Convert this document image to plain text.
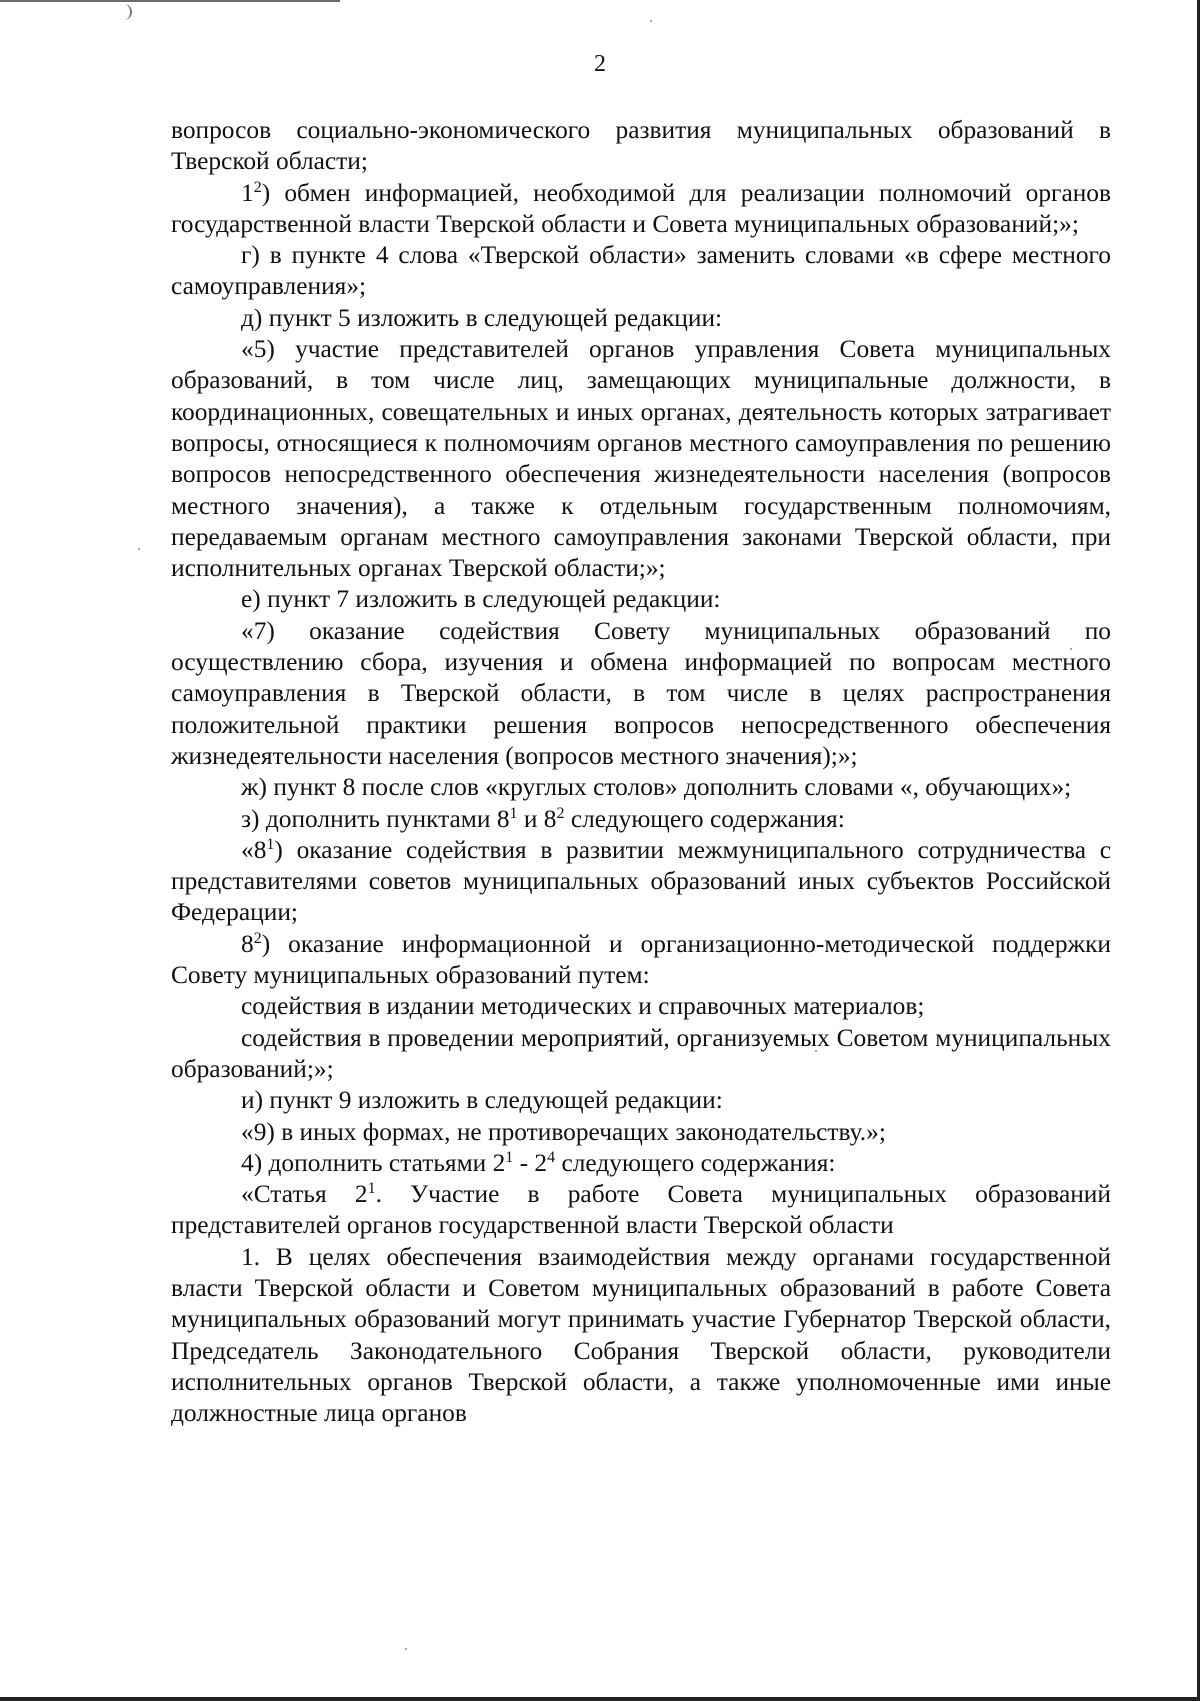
2

вопросов социально-экономического развития муниципальных образований в Тверской области;

$1^2$) обмен информацией, необходимой для реализации полномочий органов государственной власти Тверской области и Совета муниципальных образований;»;

г) в пункте 4 слова «Тверской области» заменить словами «в сфере местного самоуправления»;

д) пункт 5 изложить в следующей редакции:

«5) участие представителей органов управления Совета муниципальных образований, в том числе лиц, замещающих муниципальные должности, в координационных, совещательных и иных органах, деятельность которых затрагивает вопросы, относящиеся к полномочиям органов местного самоуправления по решению вопросов непосредственного обеспечения жизнедеятельности населения (вопросов местного значения), а также к отдельным государственным полномочиям, передаваемым органам местного самоуправления законами Тверской области, при исполнительных органах Тверской области;»;

е) пункт 7 изложить в следующей редакции:

«7) оказание содействия Совету муниципальных образований по осуществлению сбора, изучения и обмена информацией по вопросам местного самоуправления в Тверской области, в том числе в целях распространения положительной практики решения вопросов непосредственного обеспечения жизнедеятельности населения (вопросов местного значения);»;

ж) пункт 8 после слов «круглых столов» дополнить словами «, обучающих»;

з) дополнить пунктами $8^1$ и $8^2$ следующего содержания:

«$8^1$) оказание содействия в развитии межмуниципального сотрудничества с представителями советов муниципальных образований иных субъектов Российской Федерации;

$8^2$) оказание информационной и организационно-методической поддержки Совету муниципальных образований путем:

содействия в издании методических и справочных материалов;

содействия в проведении мероприятий, организуемых Советом муниципальных образований;»;

и) пункт 9 изложить в следующей редакции:

«9) в иных формах, не противоречащих законодательству.»;

4) дополнить статьями $2^1 - 2^4$ следующего содержания:

«Статья $2^1$. Участие в работе Совета муниципальных образований представителей органов государственной власти Тверской области

1. В целях обеспечения взаимодействия между органами государственной власти Тверской области и Советом муниципальных образований в работе Совета муниципальных образований могут принимать участие Губернатор Тверской области, Председатель Законодательного Собрания Тверской области, руководители исполнительных органов Тверской области, а также уполномоченные ими иные должностные лица органов
